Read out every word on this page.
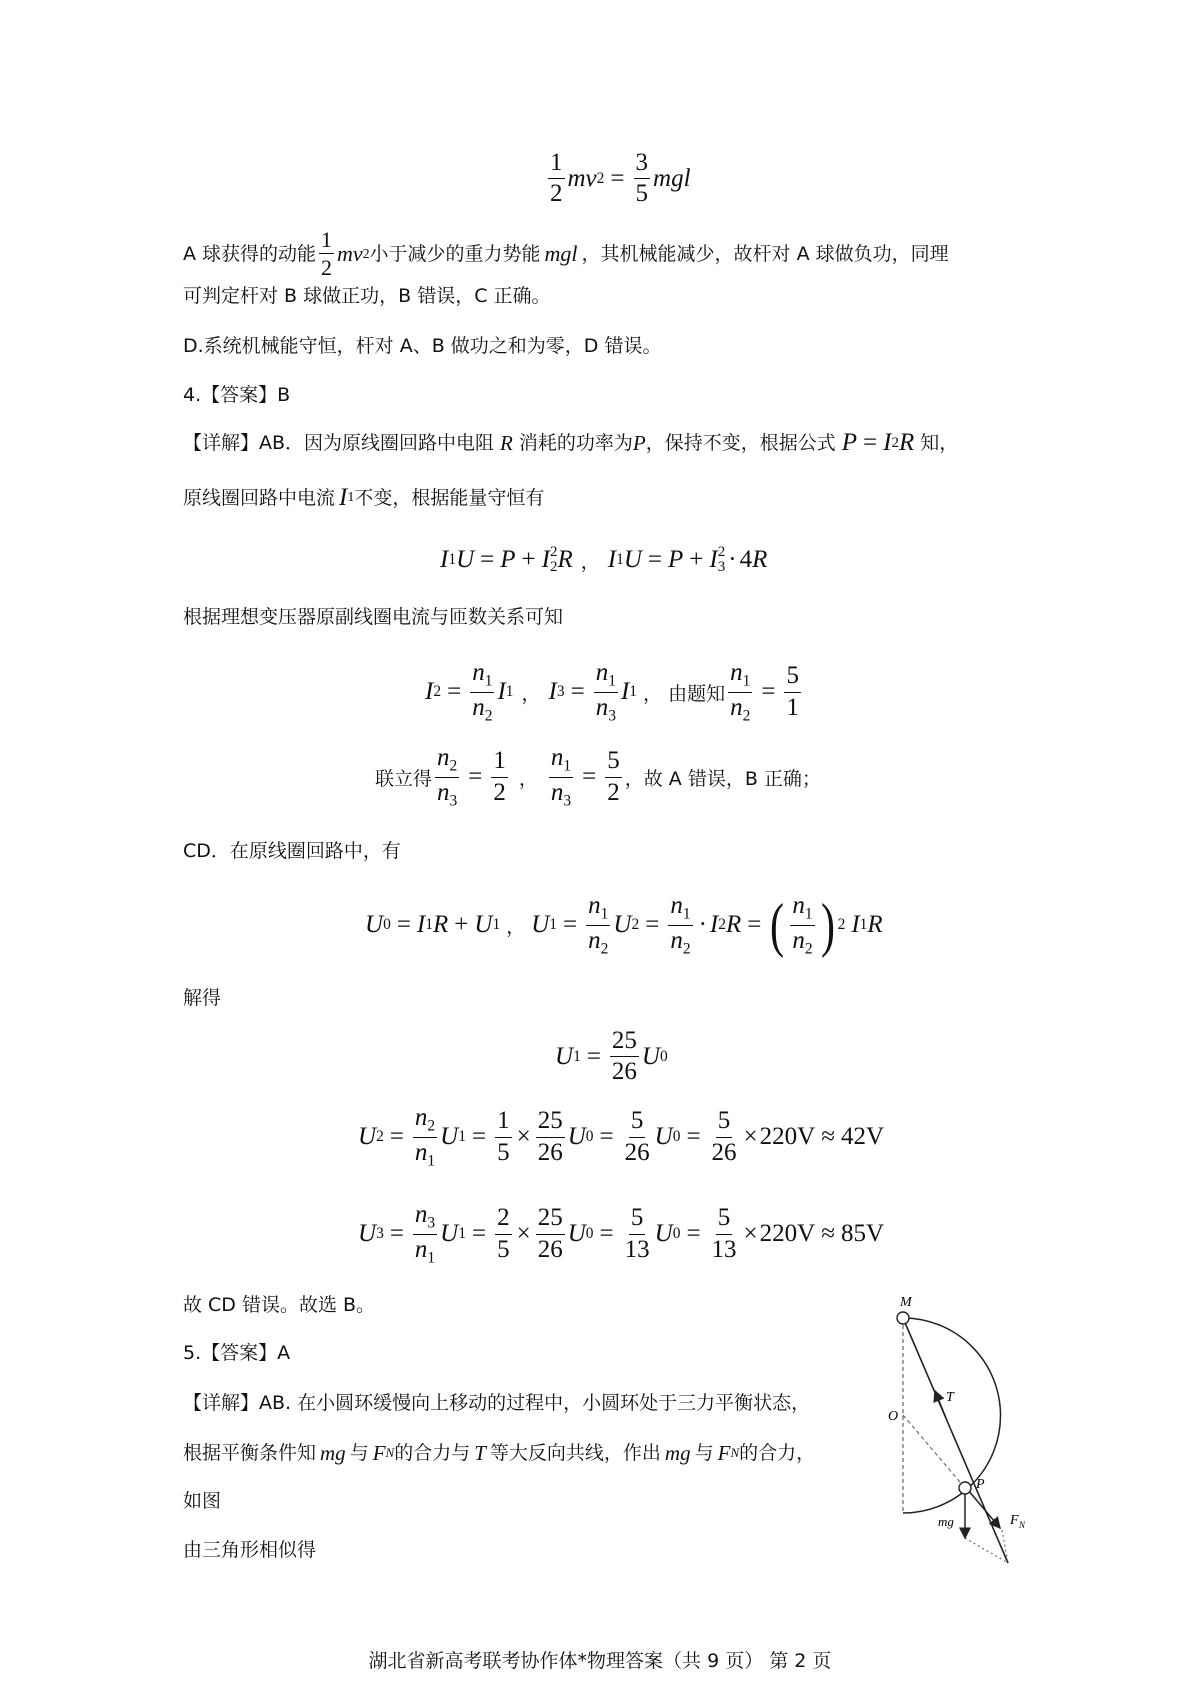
$\frac{1}{2}$ mv $2 = \frac{3}{5}$ mgl
A 球获得的动能 $\frac{1}{2}$ mv 2 小于减少的重力势能 mgl ，其机械能减少，故杆对 A 球做负功，同理
可判定杆对 B 球做正功，B 错误，C 正确。
D.系统机械能守恒，杆对 A、B 做功之和为零，D 错误。
4.【答案】B
【详解】AB．因为原线圈回路中电阻 R 消耗的功率为 P ，保持不变，根据公式 P = I 2 R 知，
原线圈回路中电流 I 1 不变，根据能量守恒有
I 1 U = P + I 2
2 R ， I 1 U = P + I 2
3 · 4 R
根据理想变压器原副线圈电流与匝数关系可知
I $2 = \frac{n_1}{n_2}$ I 1 ， I $3 = \frac{n_1}{n_3}$ I 1 ， 由题知 $\frac{n_1}{n_2} = \frac{5}{1}$
联立得 $\frac{n_2}{n_3} = \frac{1}{2}$ ， $\frac{n_1}{n_3} = \frac{5}{2}$ ，故 A 错误，B 正确；
CD．在原线圈回路中，有
U 0 = I 1 R + U 1 ， U $1 = \frac{n_1}{n_2}$ U $2 = \frac{n_1}{n_2} \cdot I$ 2 R = ( $\frac{n_1}{n_2}$ ) 2 I 1 R
解得
U $1 = \frac{25}{26}$ U 0
U $2 = \frac{n_2}{n_1}$ U $1 = \frac{1}{5} \times \frac{25}{26}$ U $0 = \frac{5}{26}$ U $0 = \frac{5}{26} \times 220V \approx 42V$
U $3 = \frac{n_3}{n_1}$ U $1 = \frac{2}{5} \times \frac{25}{26}$ U $0 = \frac{5}{13}$ U $0 = \frac{5}{13} \times 220V \approx 85V$
故 CD 错误。故选 B。
5.【答案】A
【详解】AB. 在小圆环缓慢向上移动的过程中，小圆环处于三力平衡状态，
根据平衡条件知 mg 与 F N 的合力与 T 等大反向共线，作出 mg 与 F N 的合力，
如图
由三角形相似得
M
O
P
T
F N
mg
湖北省新高考联考协作体*物理答案（共 9 页） 第 2 页
